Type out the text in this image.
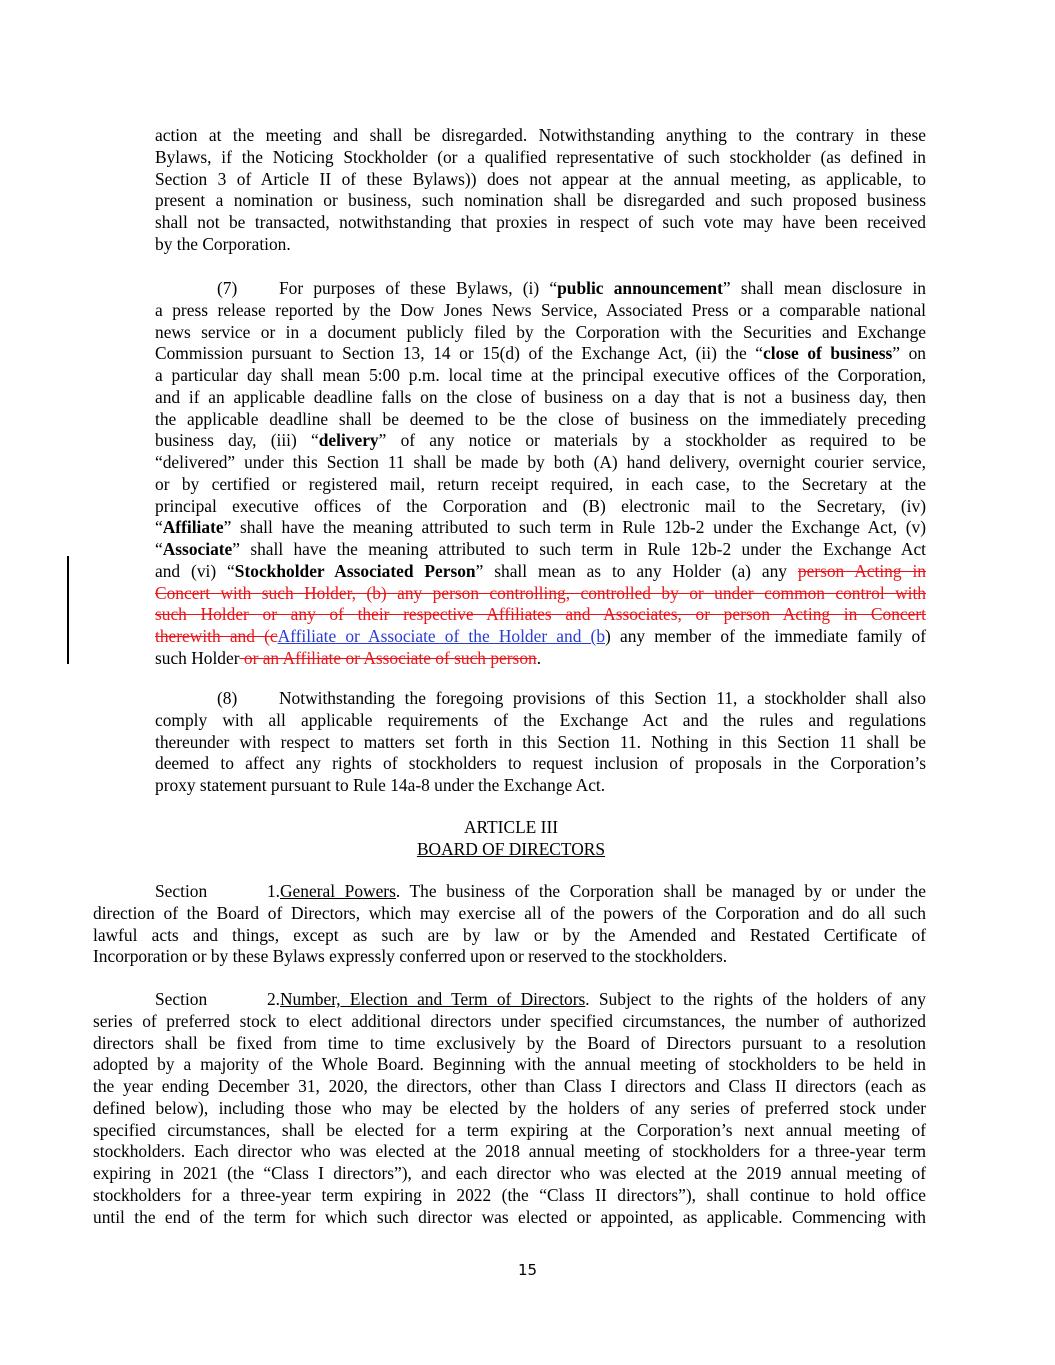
action at the meeting and shall be disregarded. Notwithstanding anything to the contrary in these
Bylaws, if the Noticing Stockholder (or a qualified representative of such stockholder (as defined in
Section 3 of Article II of these Bylaws)) does not appear at the annual meeting, as applicable, to
present a nomination or business, such nomination shall be disregarded and such proposed business
shall not be transacted, notwithstanding that proxies in respect of such vote may have been received
by the Corporation.
(7) For purposes of these Bylaws, (i) “public announcement” shall mean disclosure in
a press release reported by the Dow Jones News Service, Associated Press or a comparable national
news service or in a document publicly filed by the Corporation with the Securities and Exchange
Commission pursuant to Section 13, 14 or 15(d) of the Exchange Act, (ii) the “close of business” on
a particular day shall mean 5:00 p.m. local time at the principal executive offices of the Corporation,
and if an applicable deadline falls on the close of business on a day that is not a business day, then
the applicable deadline shall be deemed to be the close of business on the immediately preceding
business day, (iii) “delivery” of any notice or materials by a stockholder as required to be
“delivered” under this Section 11 shall be made by both (A) hand delivery, overnight courier service,
or by certified or registered mail, return receipt required, in each case, to the Secretary at the
principal executive offices of the Corporation and (B) electronic mail to the Secretary, (iv)
“Affiliate” shall have the meaning attributed to such term in Rule 12b-2 under the Exchange Act, (v)
“Associate” shall have the meaning attributed to such term in Rule 12b-2 under the Exchange Act
and (vi) “Stockholder Associated Person” shall mean as to any Holder (a) any person Acting in
Concert with such Holder, (b) any person controlling, controlled by or under common control with
such Holder or any of their respective Affiliates and Associates, or person Acting in Concert
therewith and (cAffiliate or Associate of the Holder and (b) any member of the immediate family of
such Holder or an Affiliate or Associate of such person.
(8) Notwithstanding the foregoing provisions of this Section 11, a stockholder shall also
comply with all applicable requirements of the Exchange Act and the rules and regulations
thereunder with respect to matters set forth in this Section 11. Nothing in this Section 11 shall be
deemed to affect any rights of stockholders to request inclusion of proposals in the Corporation’s
proxy statement pursuant to Rule 14a-8 under the Exchange Act.
ARTICLE III
BOARD OF DIRECTORS
Section 1.General Powers. The business of the Corporation shall be managed by or under the
direction of the Board of Directors, which may exercise all of the powers of the Corporation and do all such
lawful acts and things, except as such are by law or by the Amended and Restated Certificate of
Incorporation or by these Bylaws expressly conferred upon or reserved to the stockholders.
Section 2.Number, Election and Term of Directors. Subject to the rights of the holders of any
series of preferred stock to elect additional directors under specified circumstances, the number of authorized
directors shall be fixed from time to time exclusively by the Board of Directors pursuant to a resolution
adopted by a majority of the Whole Board. Beginning with the annual meeting of stockholders to be held in
the year ending December 31, 2020, the directors, other than Class I directors and Class II directors (each as
defined below), including those who may be elected by the holders of any series of preferred stock under
specified circumstances, shall be elected for a term expiring at the Corporation’s next annual meeting of
stockholders. Each director who was elected at the 2018 annual meeting of stockholders for a three-year term
expiring in 2021 (the “Class I directors”), and each director who was elected at the 2019 annual meeting of
stockholders for a three-year term expiring in 2022 (the “Class II directors”), shall continue to hold office
until the end of the term for which such director was elected or appointed, as applicable. Commencing with
15
